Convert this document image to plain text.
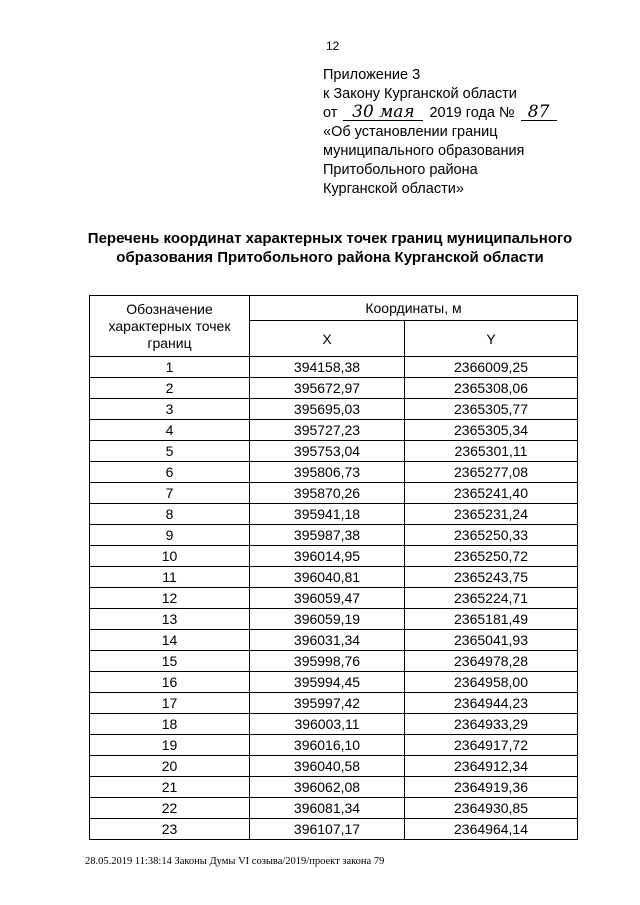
12
Приложение 3
к Закону Курганской области
от 30 мая 2019 года № 87
«Об установлении границ
муниципального образования
Притобольного района
Курганской области»
Перечень координат характерных точек границ муниципального
образования Притобольного района Курганской области
Обозначение характерных точек границ	Координаты, м	
	X	Y
1	394158,38	2366009,25
2	395672,97	2365308,06
3	395695,03	2365305,77
4	395727,23	2365305,34
5	395753,04	2365301,11
6	395806,73	2365277,08
7	395870,26	2365241,40
8	395941,18	2365231,24
9	395987,38	2365250,33
10	396014,95	2365250,72
11	396040,81	2365243,75
12	396059,47	2365224,71
13	396059,19	2365181,49
14	396031,34	2365041,93
15	395998,76	2364978,28
16	395994,45	2364958,00
17	395997,42	2364944,23
18	396003,11	2364933,29
19	396016,10	2364917,72
20	396040,58	2364912,34
21	396062,08	2364919,36
22	396081,34	2364930,85
23	396107,17	2364964,14
28.05.2019 11:38:14 Законы Думы VI созыва/2019/проект закона 79
